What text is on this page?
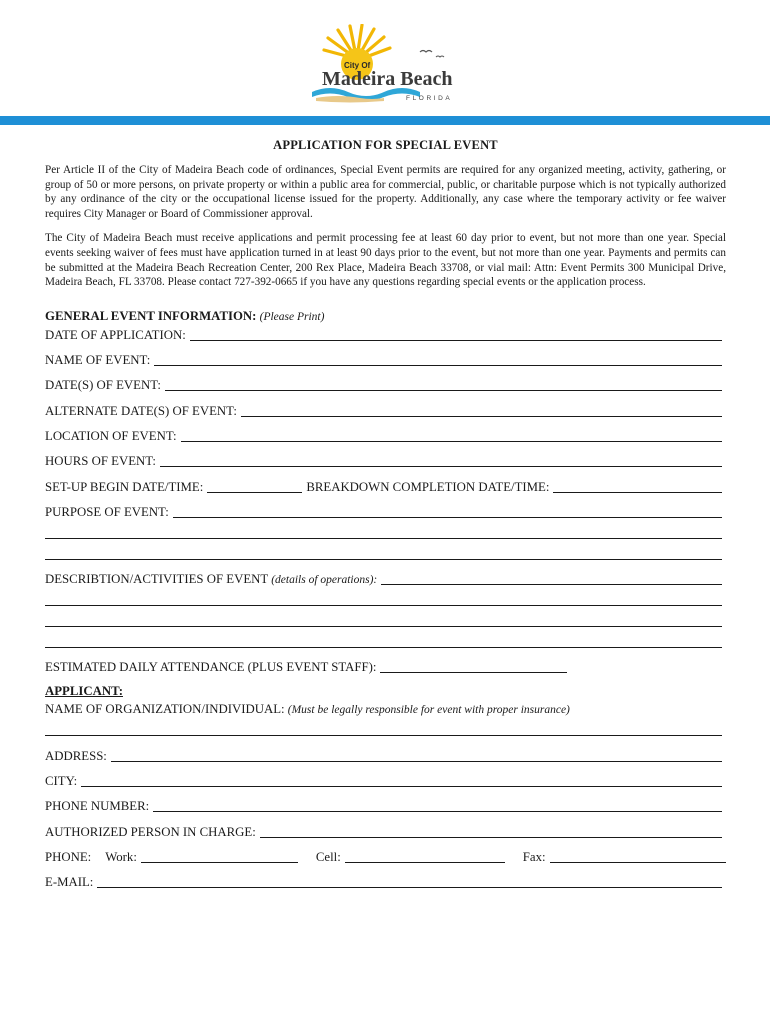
City Of
Madeira Beach
FLORIDA
APPLICATION FOR SPECIAL EVENT

Per Article II of the City of Madeira Beach code of ordinances, Special Event permits are required for any organized meeting, activity, gathering, or group of 50 or more persons, on private property or within a public area for commercial, public, or charitable purpose which is not typically authorized by any ordinance of the city or the occupational license issued for the property. Additionally, any case where the temporary activity or fee waiver requires City Manager or Board of Commissioner approval.

The City of Madeira Beach must receive applications and permit processing fee at least 60 day prior to event, but not more than one year. Special events seeking waiver of fees must have application turned in at least 90 days prior to the event, but not more than one year. Payments and permits can be submitted at the Madeira Beach Recreation Center, 200 Rex Place, Madeira Beach 33708, or vial mail: Attn: Event Permits 300 Municipal Drive, Madeira Beach, FL 33708. Please contact 727-392-0665 if you have any questions regarding special events or the application process.

GENERAL EVENT INFORMATION: (Please Print)
DATE OF APPLICATION:
NAME OF EVENT:
DATE(S) OF EVENT:
ALTERNATE DATE(S) OF EVENT:
LOCATION OF EVENT:
HOURS OF EVENT:
SET-UP BEGIN DATE/TIME:	BREAKDOWN COMPLETION DATE/TIME:
PURPOSE OF EVENT:
DESCRIBTION/ACTIVITIES OF EVENT (details of operations):
ESTIMATED DAILY ATTENDANCE (PLUS EVENT STAFF):
APPLICANT:
NAME OF ORGANIZATION/INDIVIDUAL: (Must be legally responsible for event with proper insurance)
ADDRESS:
CITY:
PHONE NUMBER:
AUTHORIZED PERSON IN CHARGE:
PHONE: Work:	Cell:	Fax:
E-MAIL:
